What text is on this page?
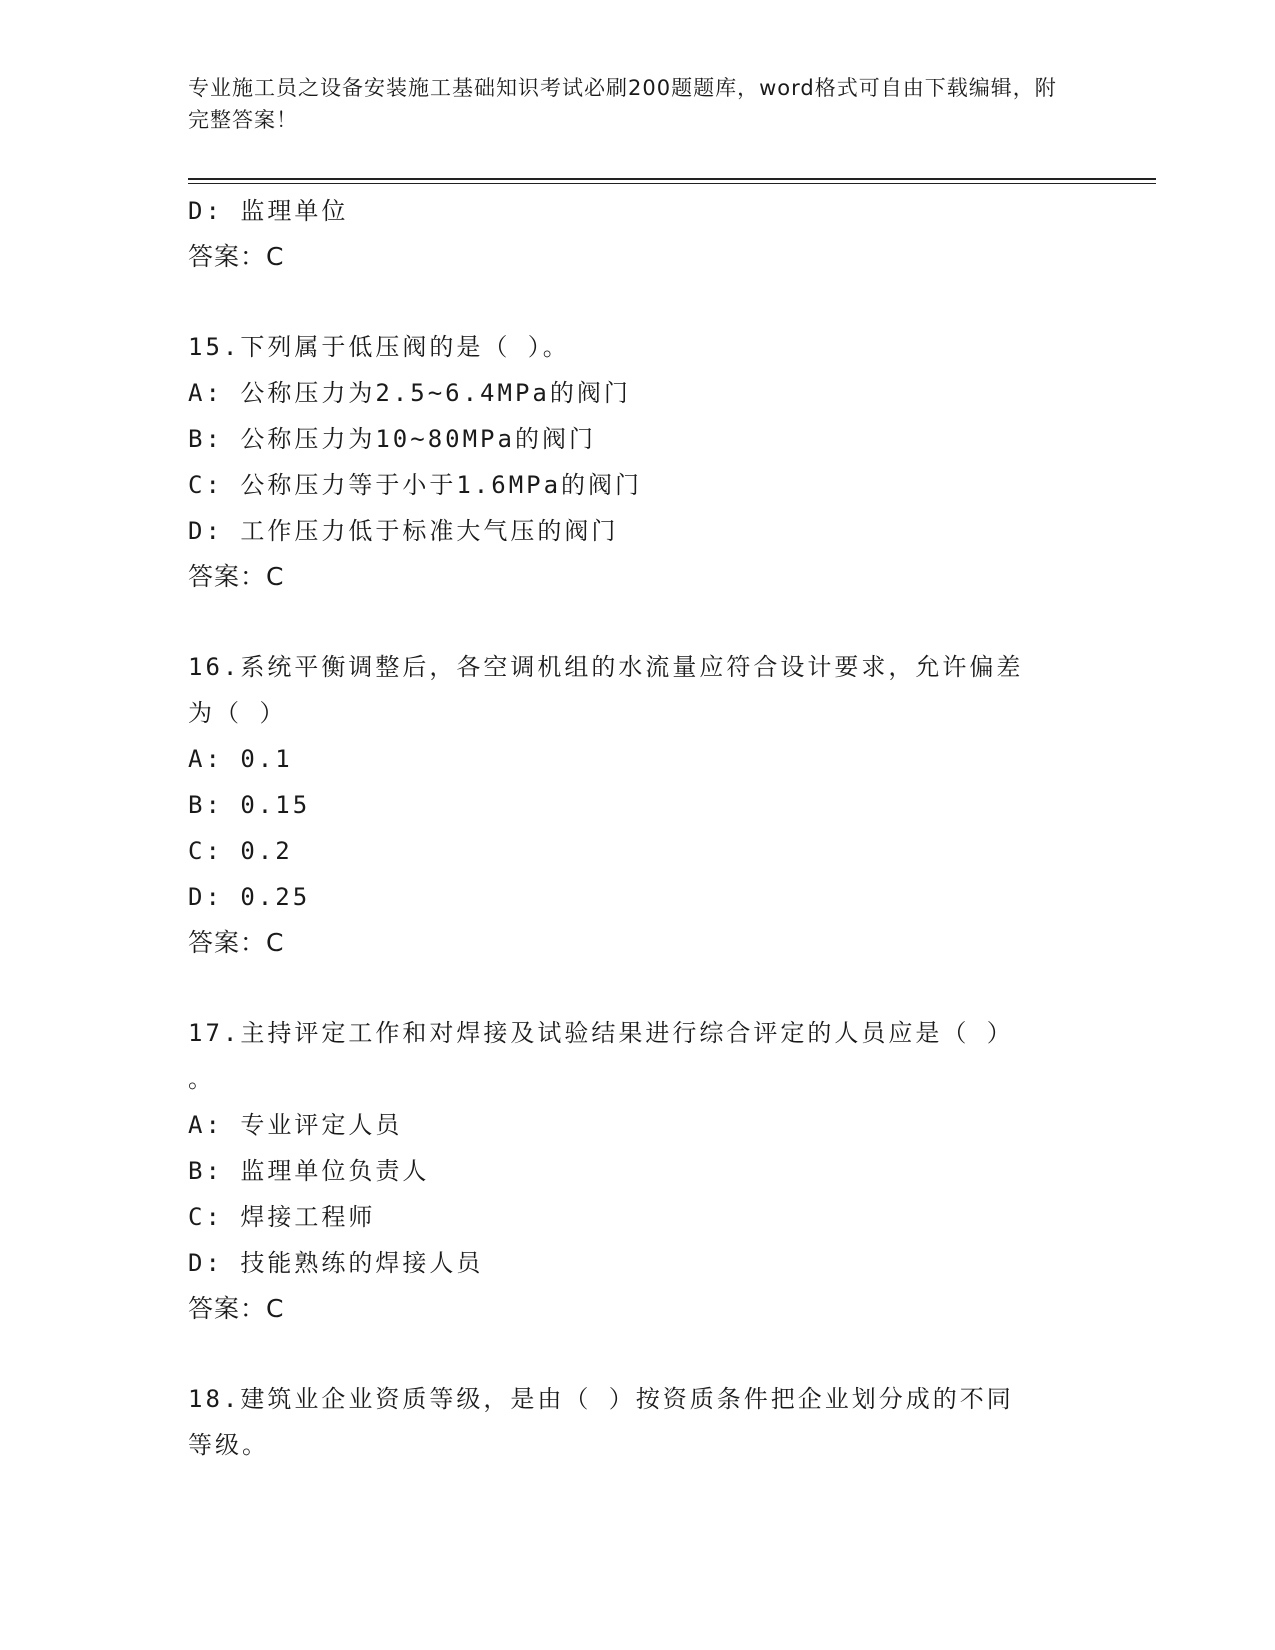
专业施工员之设备安装施工基础知识考试必刷200题题库，word格式可自由下载编辑，附完整答案！
D: 监理单位
答案：C
15.下列属于低压阀的是（ ）。
A: 公称压力为2.5~6.4MPa的阀门
B: 公称压力为10~80MPa的阀门
C: 公称压力等于小于1.6MPa的阀门
D: 工作压力低于标准大气压的阀门
答案：C
16.系统平衡调整后，各空调机组的水流量应符合设计要求，允许偏差
为（ ）
A: 0.1
B: 0.15
C: 0.2
D: 0.25
答案：C
17.主持评定工作和对焊接及试验结果进行综合评定的人员应是（ ）
。
A: 专业评定人员
B: 监理单位负责人
C: 焊接工程师
D: 技能熟练的焊接人员
答案：C
18.建筑业企业资质等级，是由（ ）按资质条件把企业划分成的不同
等级。
